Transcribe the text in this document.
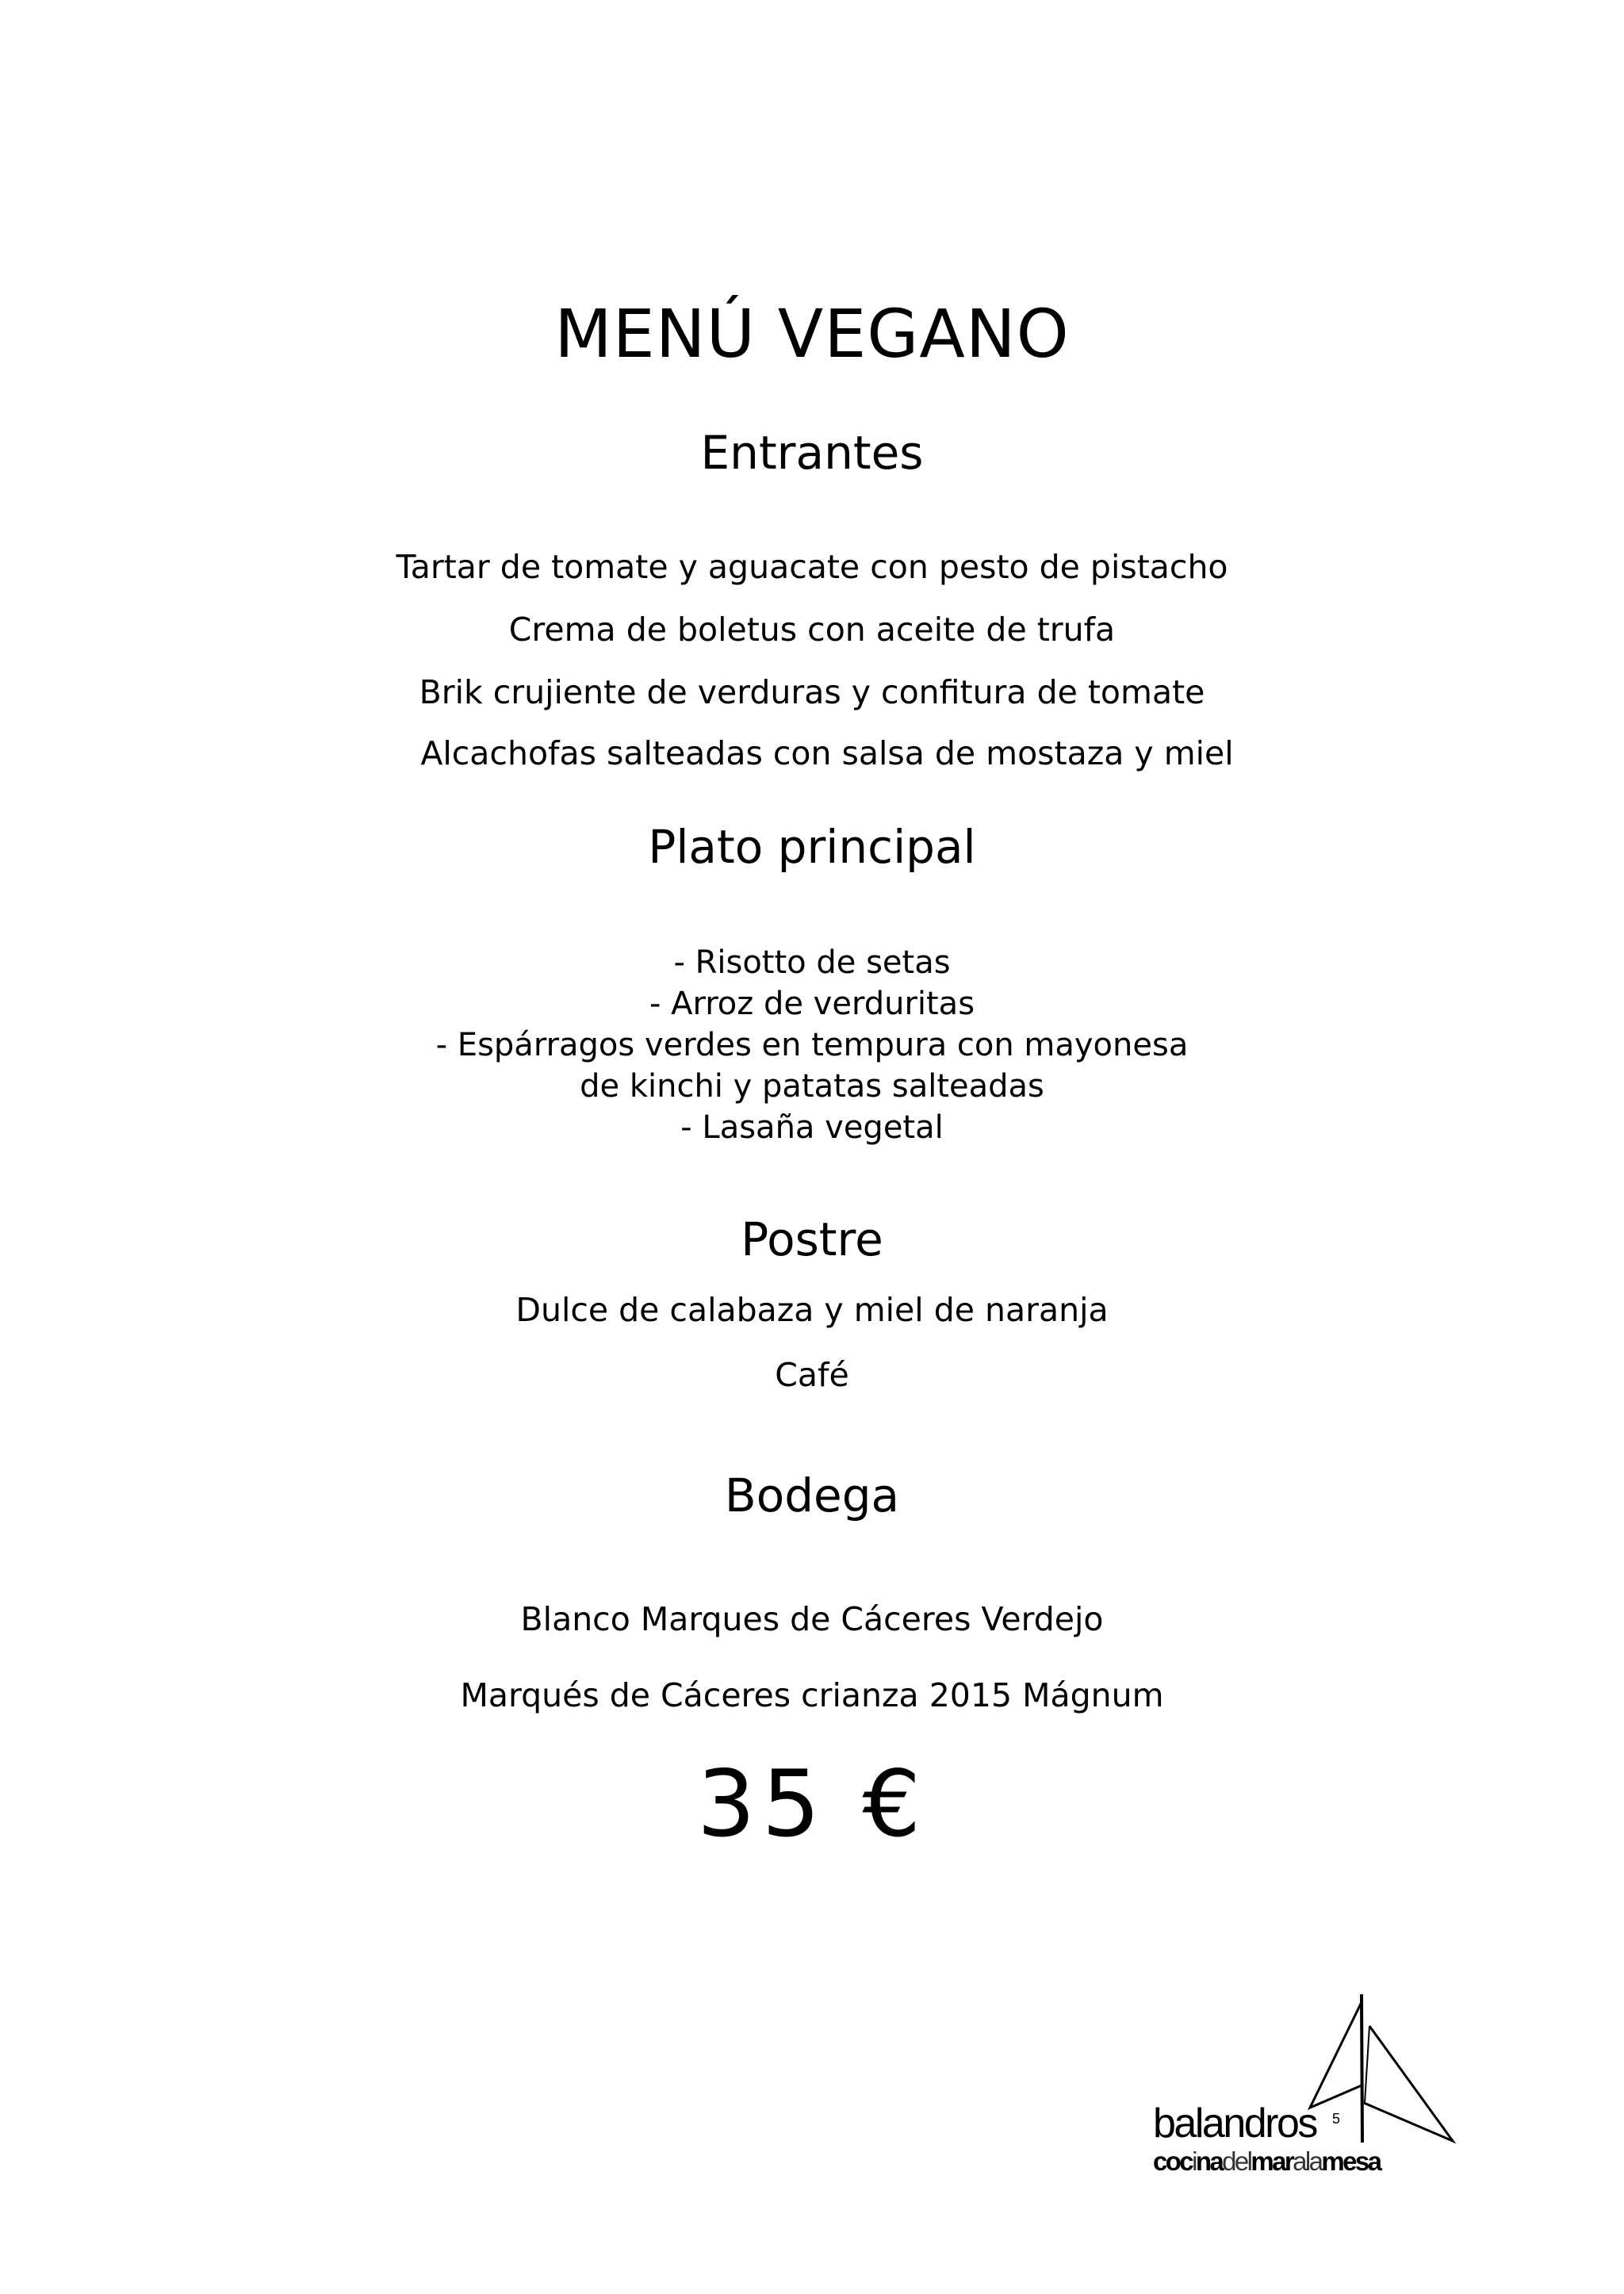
MENÚ VEGANO
Entrantes
Tartar de tomate y aguacate con pesto de pistacho
Crema de boletus con aceite de trufa
Brik crujiente de verduras y confitura de tomate
Alcachofas salteadas con salsa de mostaza y miel
Plato principal
- Risotto de setas
- Arroz de verduritas
- Espárragos verdes en tempura con mayonesa
de kinchi y patatas salteadas
- Lasaña vegetal
Postre
Dulce de calabaza y miel de naranja
Café
Bodega
Blanco Marques de Cáceres Verdejo
Marqués de Cáceres crianza 2015 Mágnum
35 €
balandros 5
cocinadelmaralamesa
